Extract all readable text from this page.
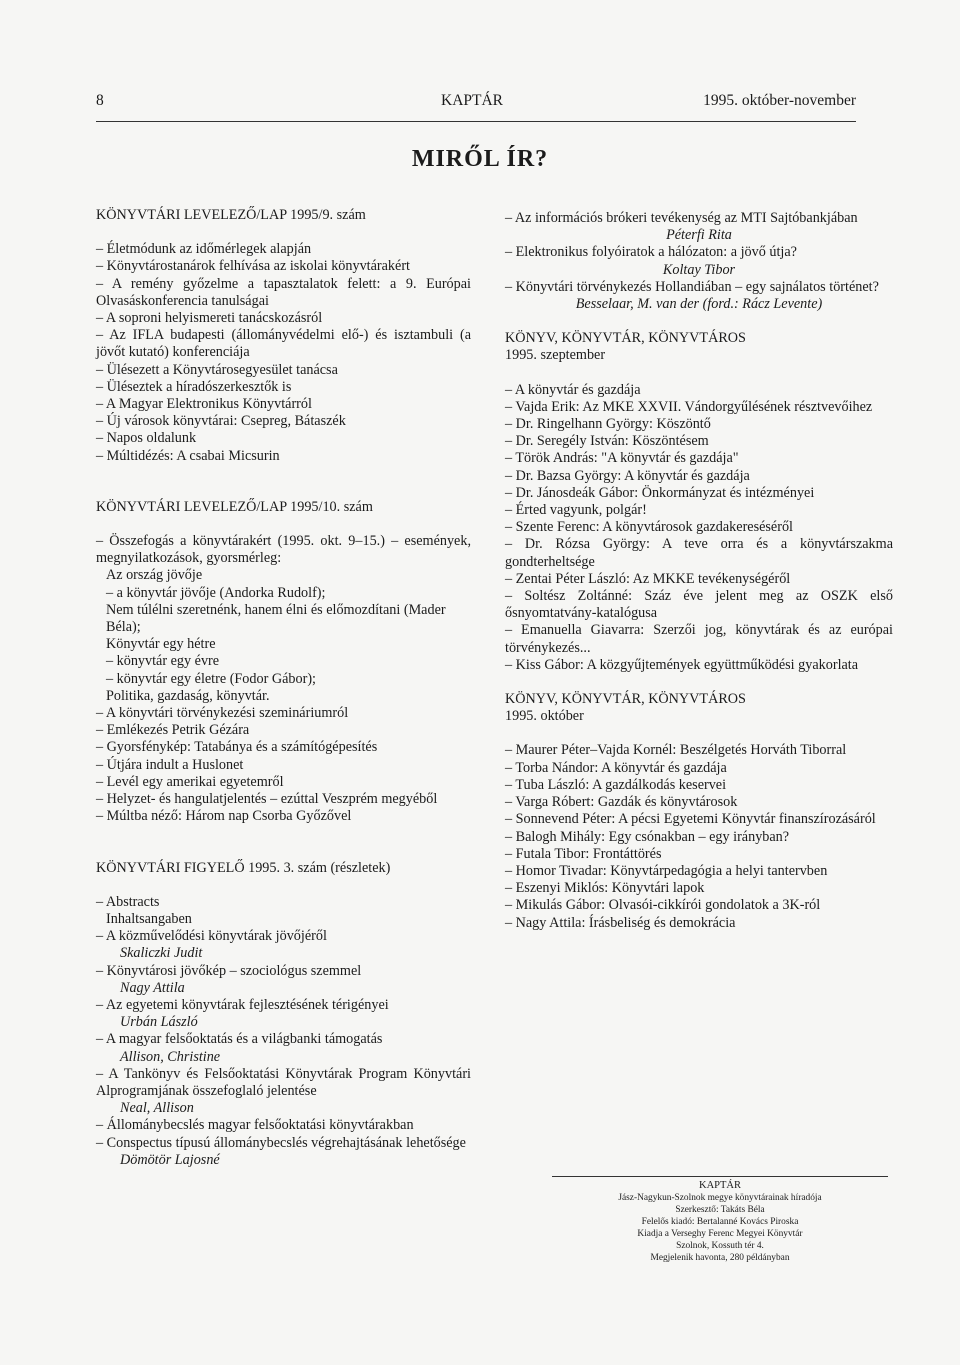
8	KAPTÁR	1995. október-november
MIRŐL ÍR?

KÖNYVTÁRI LEVELEZŐ/LAP 1995/9. szám

– Életmódunk az időmérlegek alapján

– Könyvtárostanárok felhívása az iskolai könyvtárakért

– A remény győzelme a tapasztalatok felett: a 9. Európai Olvasáskonferencia tanulságai

– A soproni helyismereti tanácskozásról

– Az IFLA budapesti (állományvédelmi elő-) és isztambuli (a jövőt kutató) konferenciája

– Ülésezett a Könyvtárosegyesület tanácsa

– Üléseztek a híradószerkesztők is

– A Magyar Elektronikus Könyvtárról

– Új városok könyvtárai: Csepreg, Bátaszék

– Napos oldalunk

– Múltidézés: A csabai Micsurin

KÖNYVTÁRI LEVELEZŐ/LAP 1995/10. szám

– Összefogás a könyvtárakért (1995. okt. 9–15.) – események, megnyilatkozások, gyorsmérleg:

Az ország jövője

– a könyvtár jövője (Andorka Rudolf);

Nem túlélni szeretnénk, hanem élni és előmozdítani (Mader Béla);

Könyvtár egy hétre

– könyvtár egy évre

– könyvtár egy életre (Fodor Gábor);

Politika, gazdaság, könyvtár.

– A könyvtári törvénykezési szemináriumról

– Emlékezés Petrik Gézára

– Gyorsfénykép: Tatabánya és a számítógépesítés

– Útjára indult a Huslonet

– Levél egy amerikai egyetemről

– Helyzet- és hangulatjelentés – ezúttal Veszprém megyéből

– Múltba néző: Három nap Csorba Győzővel

KÖNYVTÁRI FIGYELŐ 1995. 3. szám (részletek)

– Abstracts

Inhaltsangaben

– A közművelődési könyvtárak jövőjéről

Skaliczki Judit

– Könyvtárosi jövőkép – szociológus szemmel

Nagy Attila

– Az egyetemi könyvtárak fejlesztésének térigényei

Urbán László

– A magyar felsőoktatás és a világbanki támogatás

Allison, Christine

– A Tankönyv és Felsőoktatási Könyvtárak Program Könyvtári Alprogramjának összefoglaló jelentése

Neal, Allison

– Állománybecslés magyar felsőoktatási könyvtárakban

– Conspectus típusú állománybecslés végrehajtásának lehetősége

Dömötör Lajosné

– Az információs brókeri tevékenység az MTI Sajtóbankjában

Péterfi Rita

– Elektronikus folyóiratok a hálózaton: a jövő útja?

Koltay Tibor

– Könyvtári törvénykezés Hollandiában – egy sajnálatos történet?

Besselaar, M. van der (ford.: Rácz Levente)

KÖNYV, KÖNYVTÁR, KÖNYVTÁROS

1995. szeptember

– A könyvtár és gazdája

– Vajda Erik: Az MKE XXVII. Vándorgyűlésének résztvevőihez

– Dr. Ringelhann György: Köszöntő

– Dr. Seregély István: Köszöntésem

– Török András: "A könyvtár és gazdája"

– Dr. Bazsa György: A könyvtár és gazdája

– Dr. Jánosdeák Gábor: Önkormányzat és intézményei

– Érted vagyunk, polgár!

– Szente Ferenc: A könyvtárosok gazdakereséséről

– Dr. Rózsa György: A teve orra és a könyvtárszakma gondterheltsége

– Zentai Péter László: Az MKKE tevékenységéről

– Soltész Zoltánné: Száz éve jelent meg az OSZK első ősnyomtatvány-katalógusa

– Emanuella Giavarra: Szerzői jog, könyvtárak és az európai törvénykezés...

– Kiss Gábor: A közgyűjtemények együttműködési gyakorlata

KÖNYV, KÖNYVTÁR, KÖNYVTÁROS

1995. október

– Maurer Péter–Vajda Kornél: Beszélgetés Horváth Tiborral

– Torba Nándor: A könyvtár és gazdája

– Tuba László: A gazdálkodás keservei

– Varga Róbert: Gazdák és könyvtárosok

– Sonnevend Péter: A pécsi Egyetemi Könyvtár finanszírozásáról

– Balogh Mihály: Egy csónakban – egy irányban?

– Futala Tibor: Frontáttörés

– Homor Tivadar: Könyvtárpedagógia a helyi tantervben

– Eszenyi Miklós: Könyvtári lapok

– Mikulás Gábor: Olvasói-cikkírói gondolatok a 3K-ról

– Nagy Attila: Írásbeliség és demokrácia

KAPTÁR
Jász-Nagykun-Szolnok megye könyvtárainak híradója
Szerkesztő: Takáts Béla
Felelős kiadó: Bertalanné Kovács Piroska
Kiadja a Verseghy Ferenc Megyei Könyvtár
Szolnok, Kossuth tér 4.
Megjelenik havonta, 280 példányban
